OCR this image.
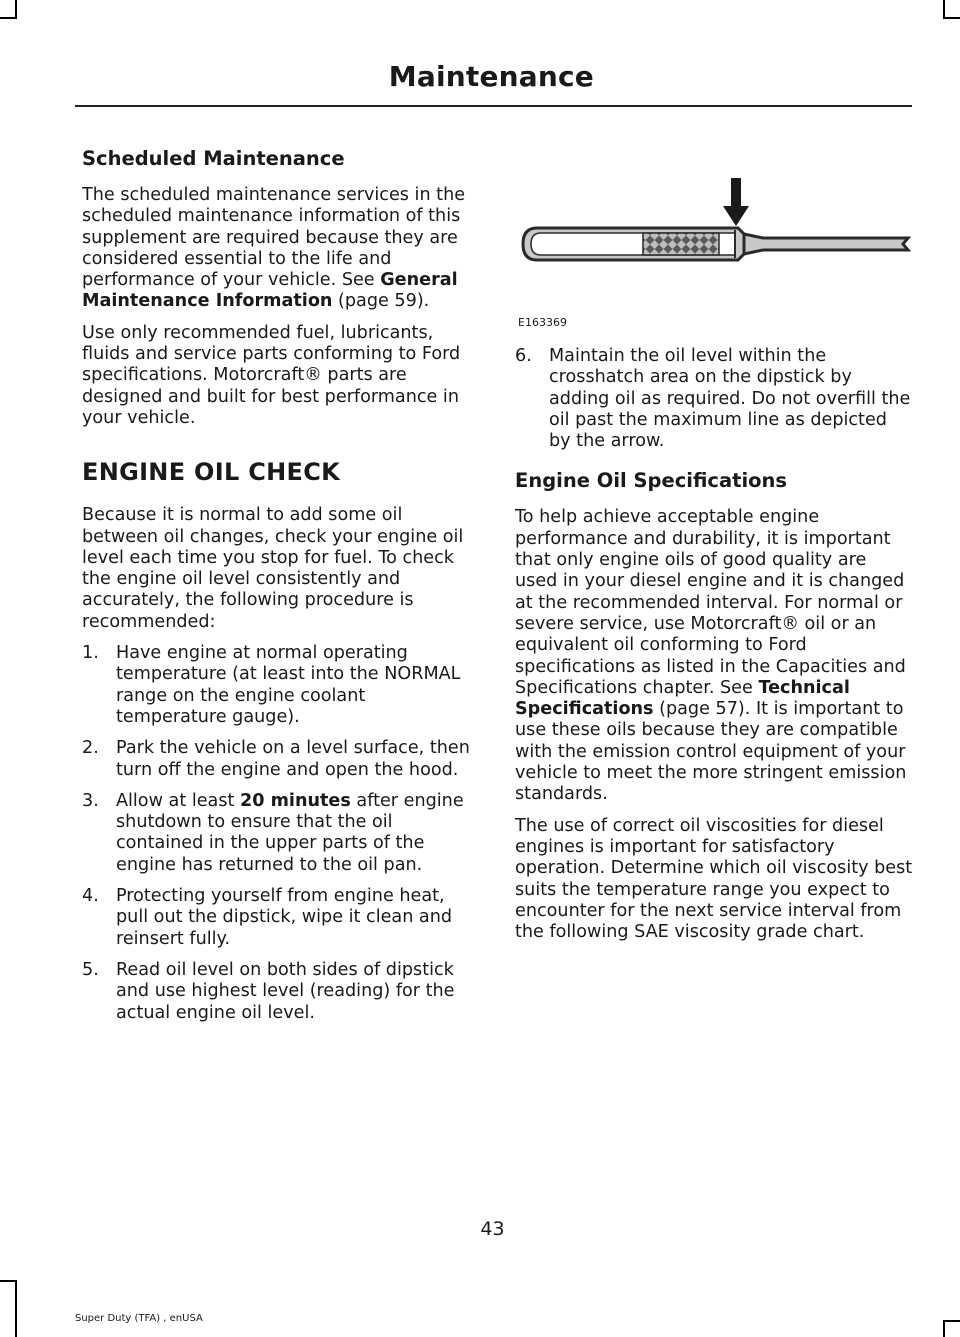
Maintenance
Scheduled Maintenance

The scheduled maintenance services in the scheduled maintenance information of this supplement are required because they are considered essential to the life and performance of your vehicle. See General Maintenance Information (page 59).

Use only recommended fuel, lubricants, fluids and service parts conforming to Ford specifications. Motorcraft® parts are designed and built for best performance in your vehicle.

ENGINE OIL CHECK

Because it is normal to add some oil between oil changes, check your engine oil level each time you stop for fuel. To check the engine oil level consistently and accurately, the following procedure is recommended:

1. Have engine at normal operating temperature (at least into the NORMAL range on the engine coolant temperature gauge).
2. Park the vehicle on a level surface, then turn off the engine and open the hood.
3. Allow at least 20 minutes after engine shutdown to ensure that the oil contained in the upper parts of the engine has returned to the oil pan.
4. Protecting yourself from engine heat, pull out the dipstick, wipe it clean and reinsert fully.
5. Read oil level on both sides of dipstick and use highest level (reading) for the actual engine oil level.
E163369
6. Maintain the oil level within the crosshatch area on the dipstick by adding oil as required. Do not overfill the oil past the maximum line as depicted by the arrow.
Engine Oil Specifications

To help achieve acceptable engine performance and durability, it is important that only engine oils of good quality are used in your diesel engine and it is changed at the recommended interval. For normal or severe service, use Motorcraft® oil or an equivalent oil conforming to Ford specifications as listed in the Capacities and Specifications chapter. See Technical Specifications (page 57). It is important to use these oils because they are compatible with the emission control equipment of your vehicle to meet the more stringent emission standards.

The use of correct oil viscosities for diesel engines is important for satisfactory operation. Determine which oil viscosity best suits the temperature range you expect to encounter for the next service interval from the following SAE viscosity grade chart.

43
Super Duty (TFA) , enUSA
